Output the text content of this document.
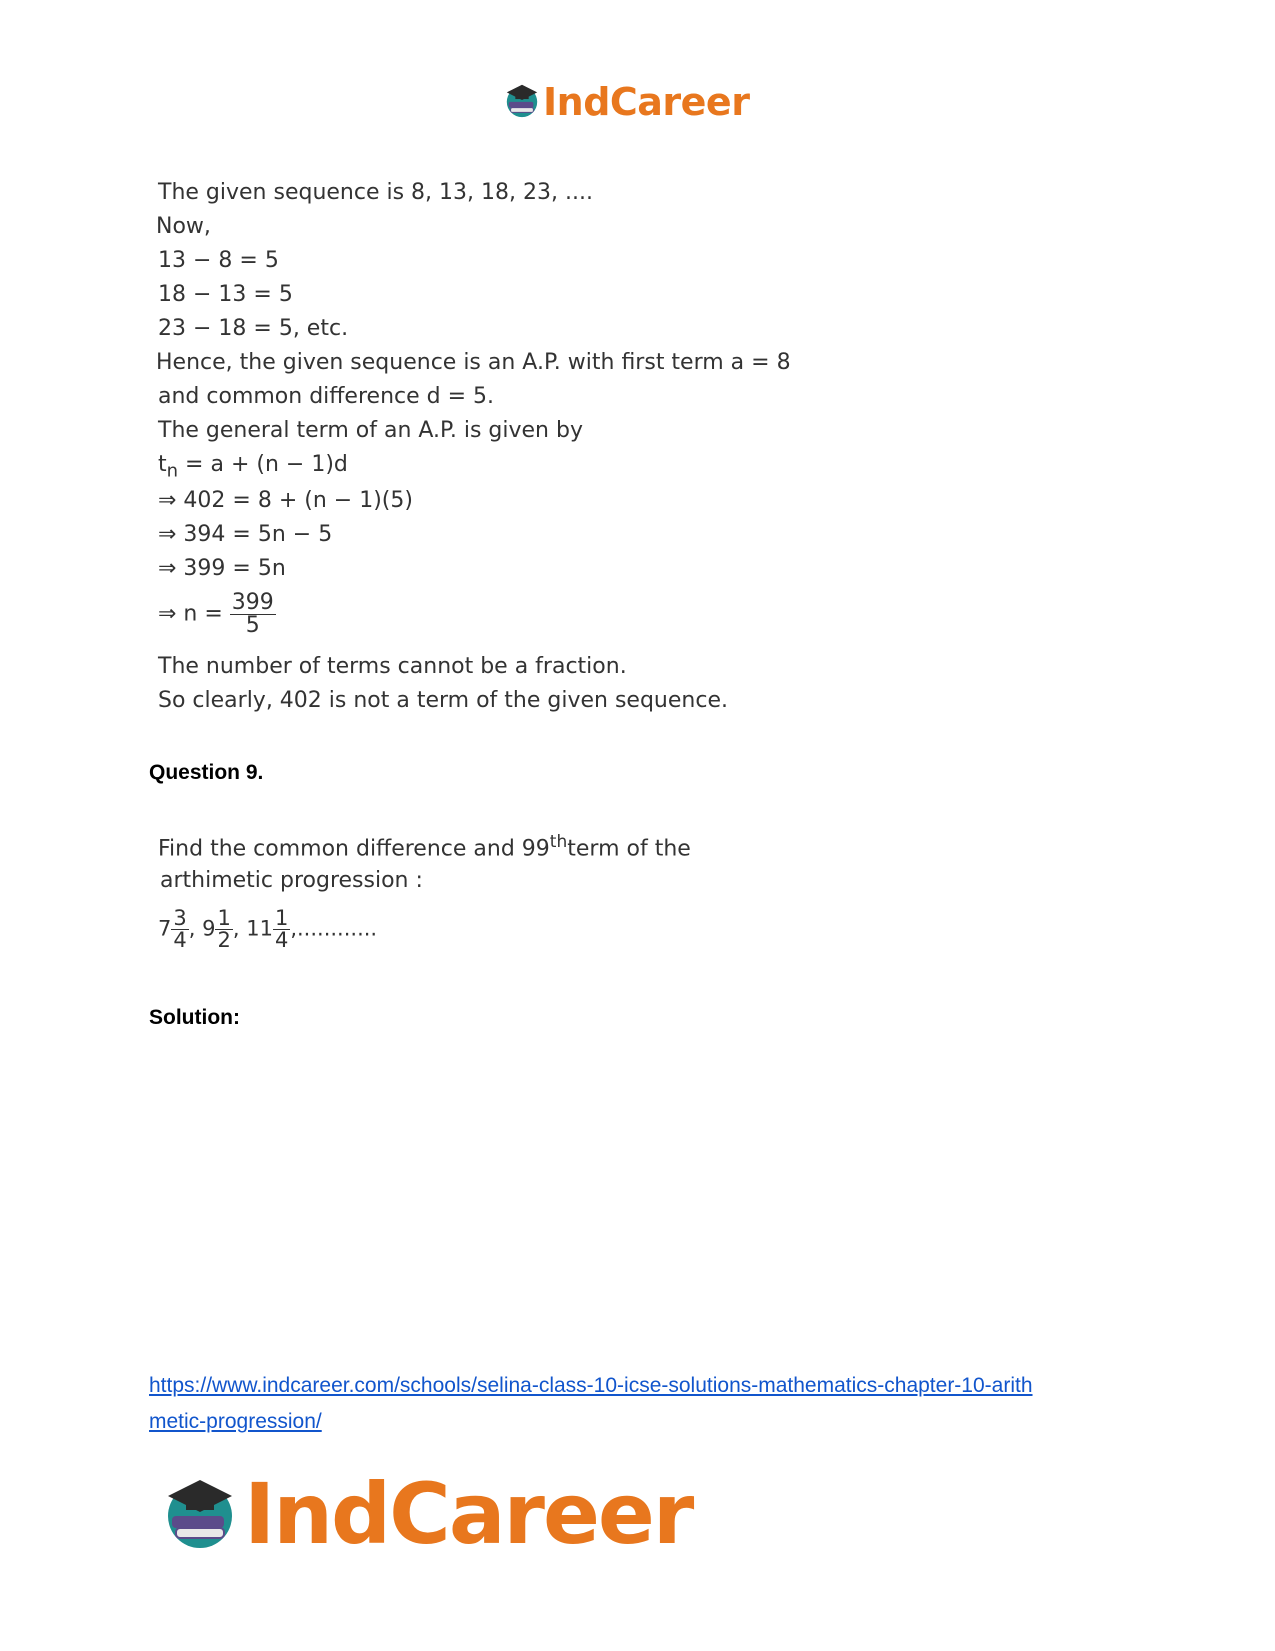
IndCareer
The given sequence is 8, 13, 18, 23, ....
Now,
13 − 8 = 5
18 − 13 = 5
23 − 18 = 5, etc.
Hence, the given sequence is an A.P. with first term a = 8
and common difference d = 5.
The general term of an A.P. is given by
$t_n = a + (n - 1)d$
⇒ 402 = 8 + (n − 1)(5)
⇒ 394 = 5n − 5
⇒ 399 = 5n
⇒ $n = \frac{399}{5}$
The number of terms cannot be a fraction.
So clearly, 402 is not a term of the given sequence.
Question 9.
Find the common difference and 99thterm of the
arthimetic progression :
$7 \frac{3}{4}$ , $9 \frac{1}{2}$ , $11 \frac{1}{4}$ ,............
Solution:
https://www.indcareer.com/schools/selina-class-10-icse-solutions-mathematics-chapter-10-arith
metic-progression/
IndCareer
